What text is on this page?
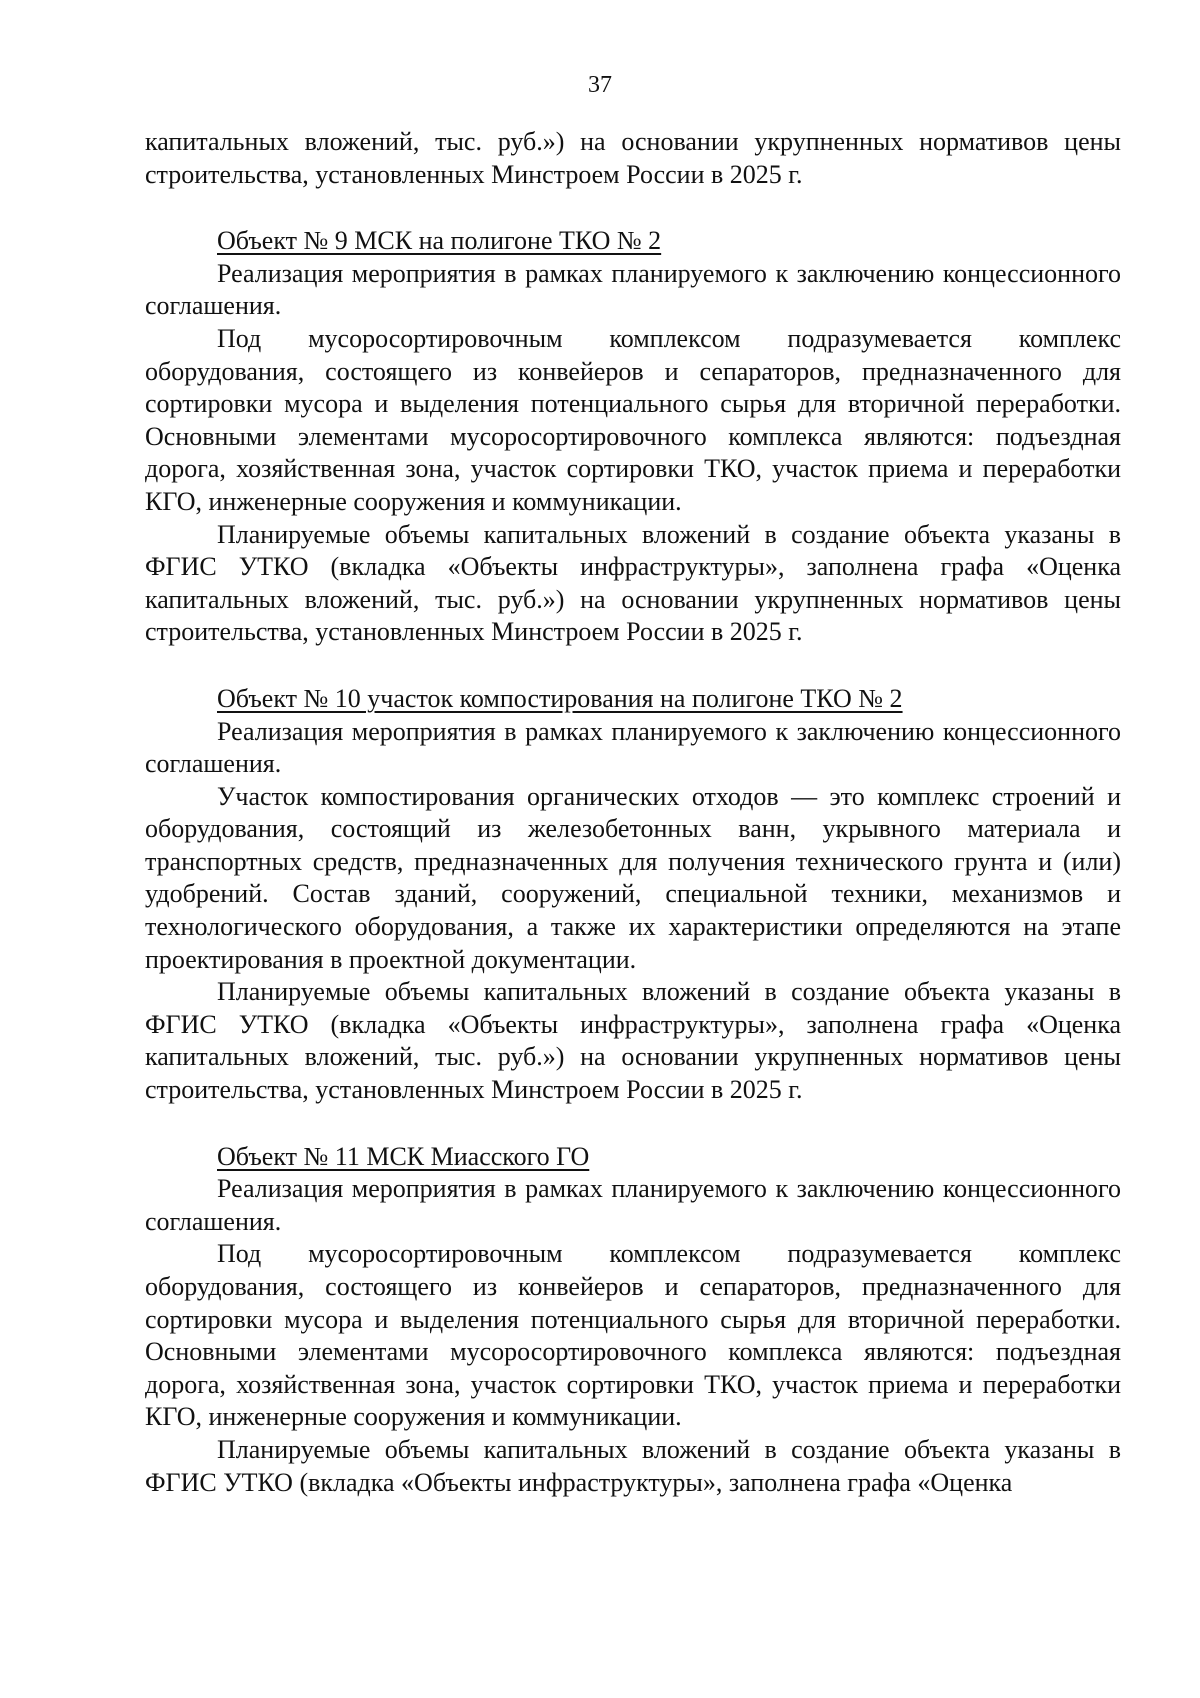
37

капитальных вложений, тыс. руб.») на основании укрупненных нормативов цены строительства, установленных Минстроем России в 2025 г.

Объект № 9 МСК на полигоне ТКО № 2

Реализация мероприятия в рамках планируемого к заключению концессионного соглашения.

Под мусоросортировочным комплексом подразумевается комплекс оборудования, состоящего из конвейеров и сепараторов, предназначенного для сортировки мусора и выделения потенциального сырья для вторичной переработки. Основными элементами мусоросортировочного комплекса являются: подъездная дорога, хозяйственная зона, участок сортировки ТКО, участок приема и переработки КГО, инженерные сооружения и коммуникации.

Планируемые объемы капитальных вложений в создание объекта указаны в ФГИС УТКО (вкладка «Объекты инфраструктуры», заполнена графа «Оценка капитальных вложений, тыс. руб.») на основании укрупненных нормативов цены строительства, установленных Минстроем России в 2025 г.

Объект № 10 участок компостирования на полигоне ТКО № 2

Реализация мероприятия в рамках планируемого к заключению концессионного соглашения.

Участок компостирования органических отходов — это комплекс строений и оборудования, состоящий из железобетонных ванн, укрывного материала и транспортных средств, предназначенных для получения технического грунта и (или) удобрений. Состав зданий, сооружений, специальной техники, механизмов и технологического оборудования, а также их характеристики определяются на этапе проектирования в проектной документации.

Планируемые объемы капитальных вложений в создание объекта указаны в ФГИС УТКО (вкладка «Объекты инфраструктуры», заполнена графа «Оценка капитальных вложений, тыс. руб.») на основании укрупненных нормативов цены строительства, установленных Минстроем России в 2025 г.

Объект № 11 МСК Миасского ГО

Реализация мероприятия в рамках планируемого к заключению концессионного соглашения.

Под мусоросортировочным комплексом подразумевается комплекс оборудования, состоящего из конвейеров и сепараторов, предназначенного для сортировки мусора и выделения потенциального сырья для вторичной переработки. Основными элементами мусоросортировочного комплекса являются: подъездная дорога, хозяйственная зона, участок сортировки ТКО, участок приема и переработки КГО, инженерные сооружения и коммуникации.

Планируемые объемы капитальных вложений в создание объекта указаны в ФГИС УТКО (вкладка «Объекты инфраструктуры», заполнена графа «Оценка
